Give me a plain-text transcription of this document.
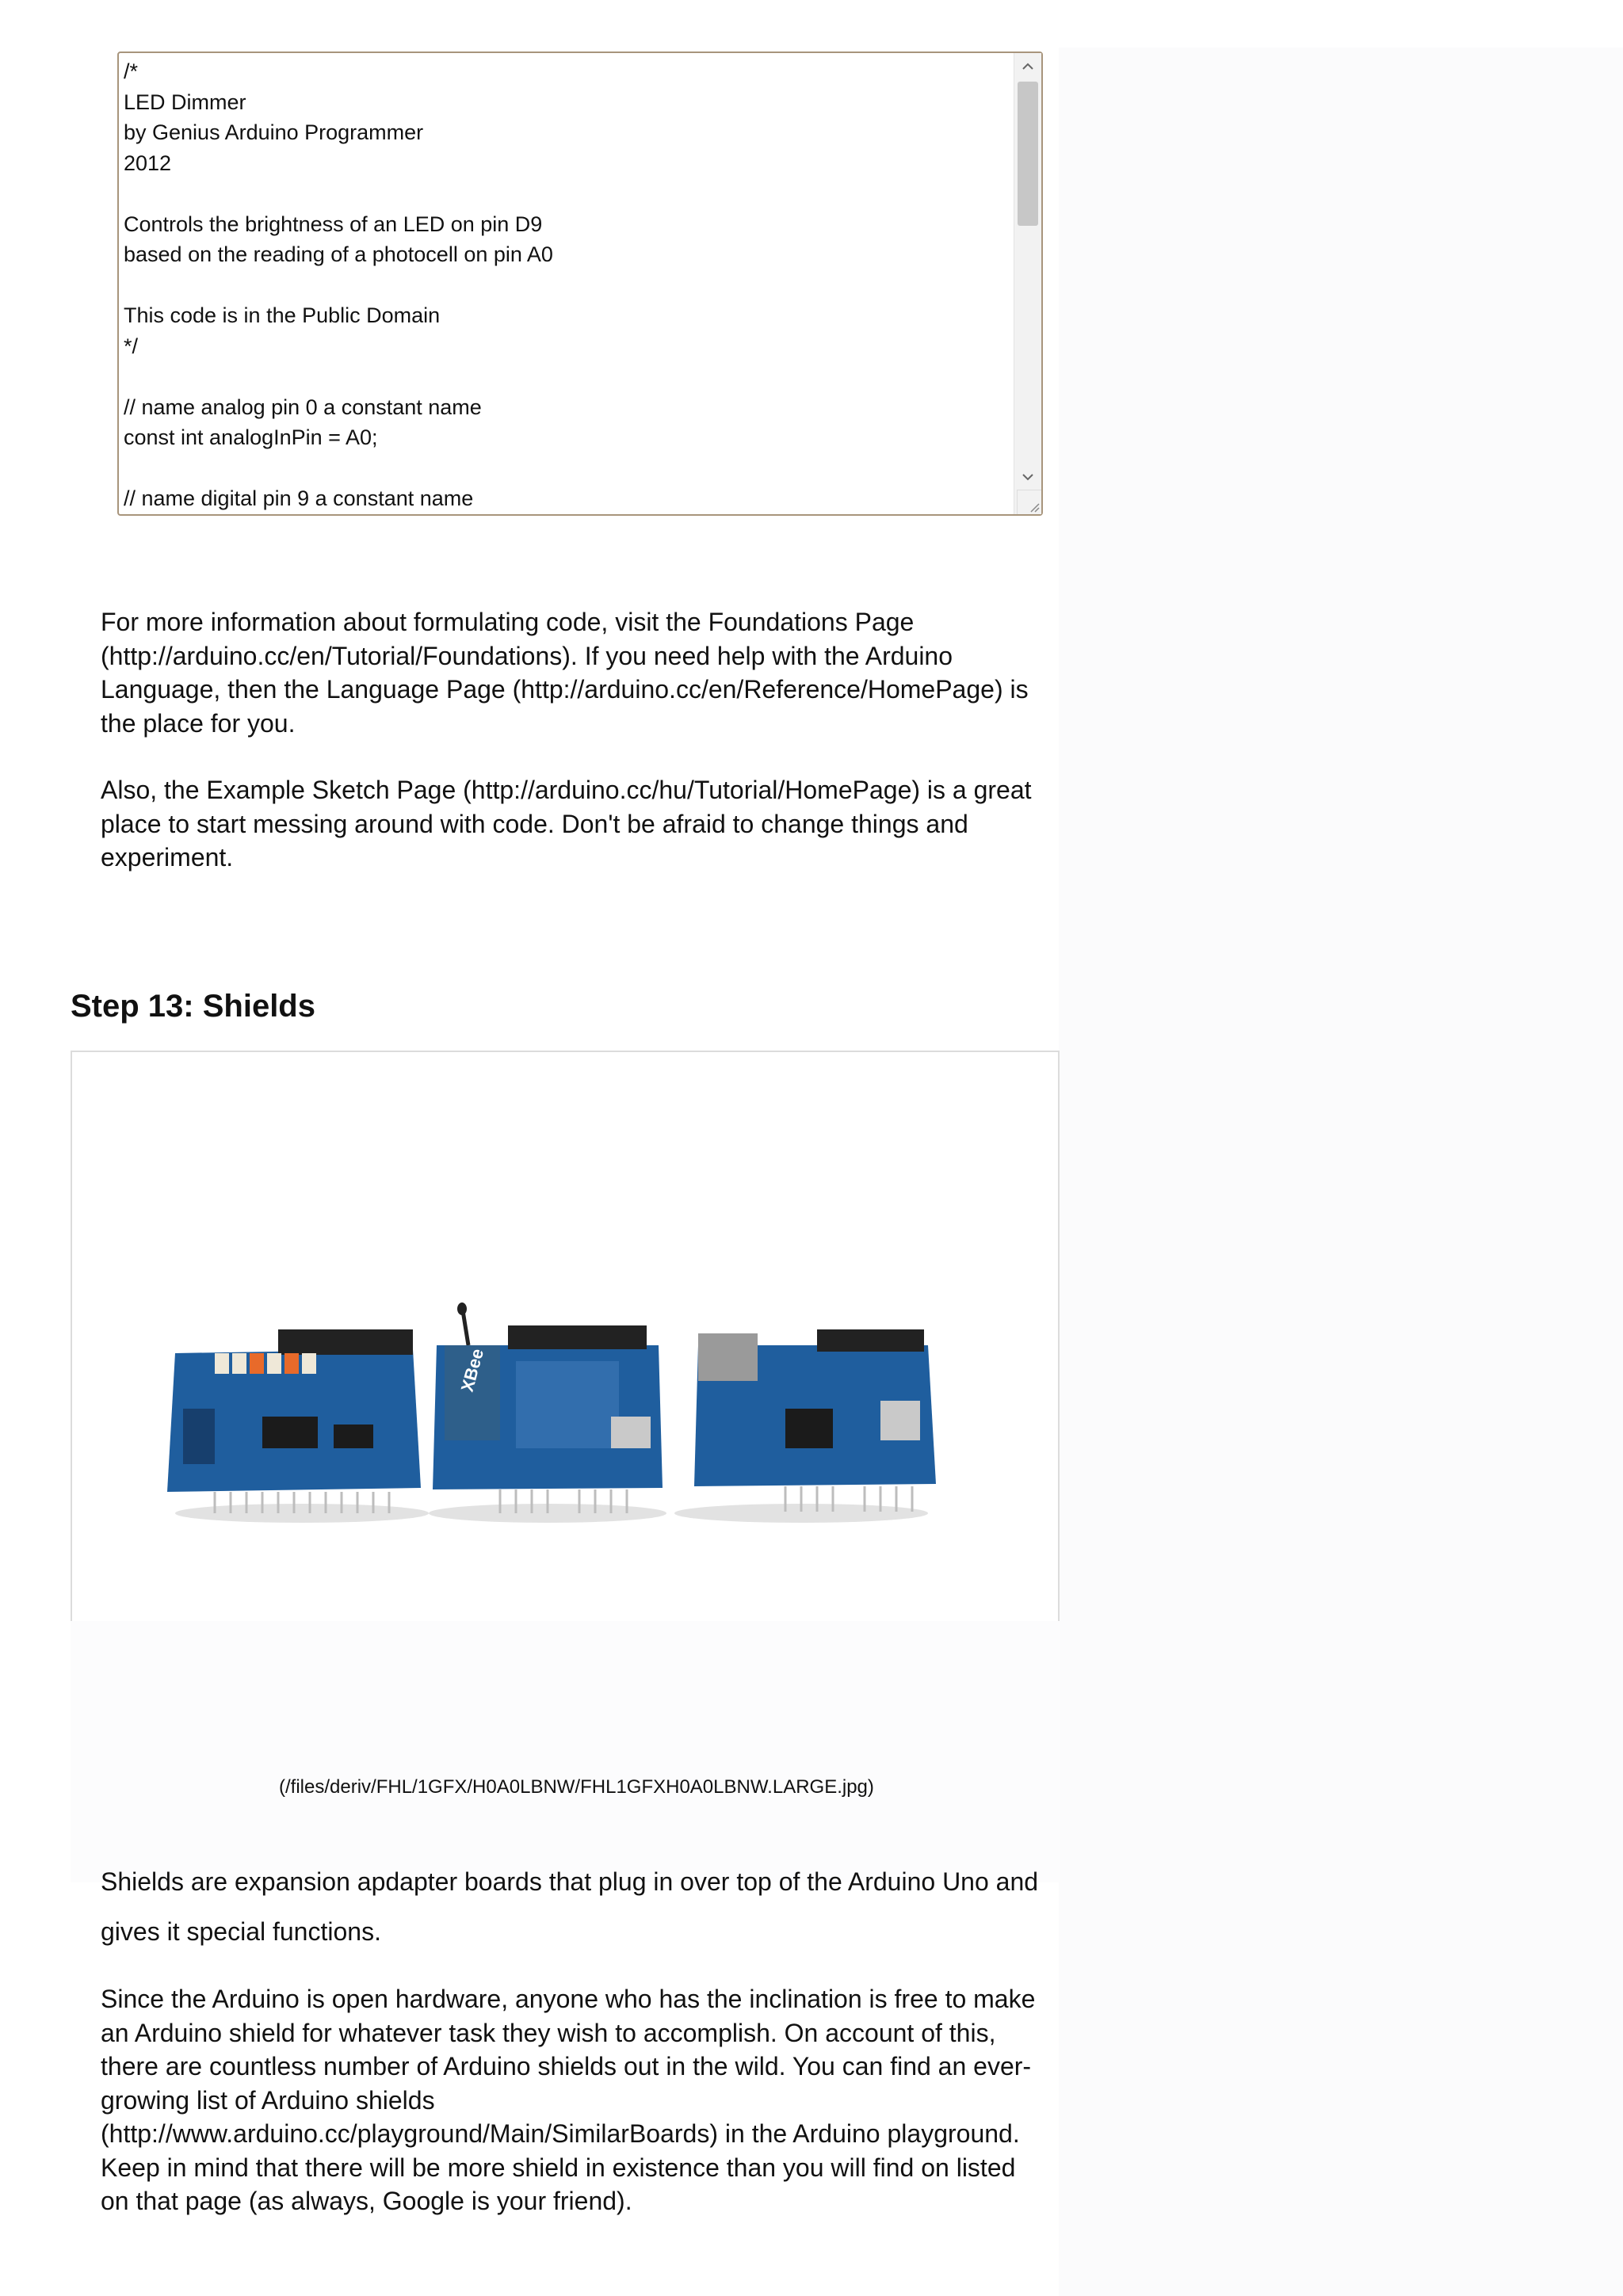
/*
LED Dimmer
by Genius Arduino Programmer
2012
Controls the brightness of an LED on pin D9
based on the reading of a photocell on pin A0
This code is in the Public Domain
*/
// name analog pin 0 a constant name
const int analogInPin = A0;
// name digital pin 9 a constant name

For more information about formulating code, visit the Foundations Page (http://arduino.cc/en/Tutorial/Foundations). If you need help with the Arduino Language, then the Language Page (http://arduino.cc/en/Reference/HomePage) is the place for you.

Also, the Example Sketch Page (http://arduino.cc/hu/Tutorial/HomePage) is a great place to start messing around with code. Don't be afraid to change things and experiment.

Step 13: Shields
XBee
(/files/deriv/FHL/1GFX/H0A0LBNW/FHL1GFXH0A0LBNW.LARGE.jpg)
Shields are expansion apdapter boards that plug in over top of the Arduino Uno and

gives it special functions.

Since the Arduino is open hardware, anyone who has the inclination is free to make an Arduino shield for whatever task they wish to accomplish. On account of this, there are countless number of Arduino shields out in the wild. You can find an ever-growing list of Arduino shields (http://www.arduino.cc/playground/Main/SimilarBoards) in the Arduino playground. Keep in mind that there will be more shield in existence than you will find on listed on that page (as always, Google is your friend).
